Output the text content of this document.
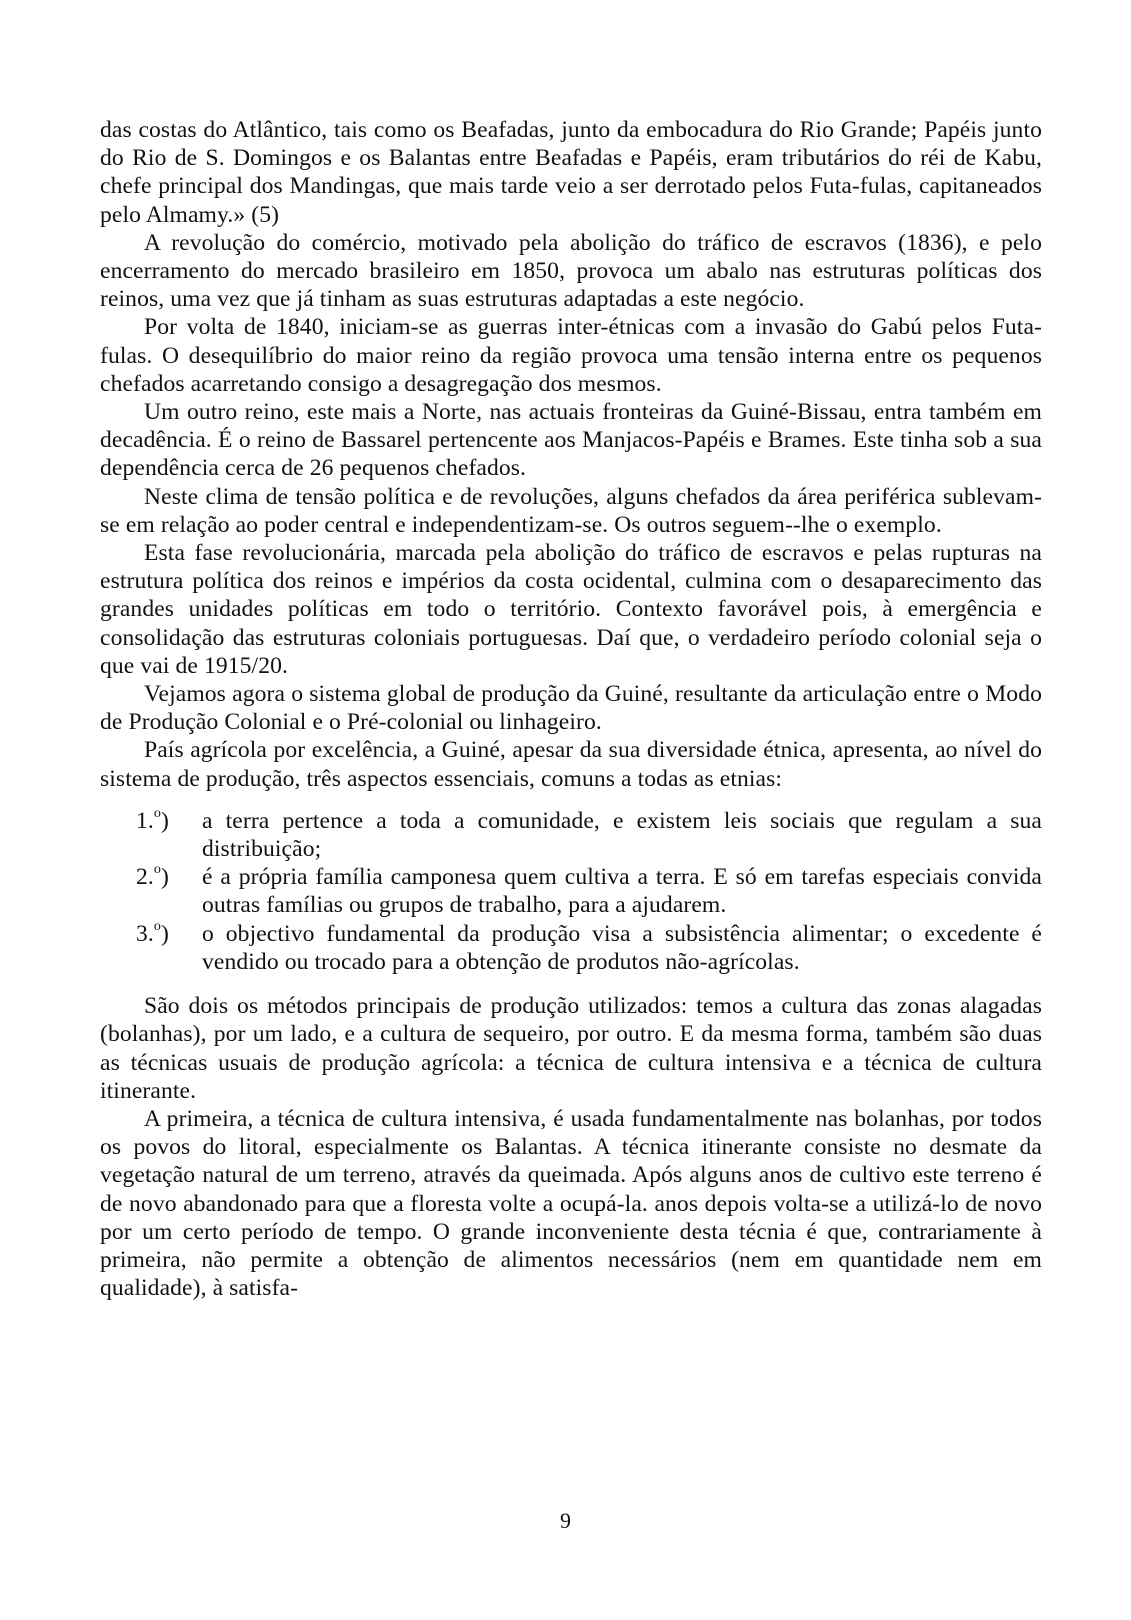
das costas do Atlântico, tais como os Beafadas, junto da embocadura do Rio Grande; Papéis junto do Rio de S. Domingos e os Balantas entre Beafadas e Papéis, eram tributários do réi de Kabu, chefe principal dos Mandingas, que mais tarde veio a ser derrotado pelos Futa-fulas, capitaneados pelo Almamy.» (5)

A revolução do comércio, motivado pela abolição do tráfico de escravos (1836), e pelo encerramento do mercado brasileiro em 1850, provoca um abalo nas estruturas políticas dos reinos, uma vez que já tinham as suas estruturas adaptadas a este negócio.

Por volta de 1840, iniciam-se as guerras inter-étnicas com a invasão do Gabú pelos Futa-fulas. O desequilíbrio do maior reino da região provoca uma tensão interna entre os pequenos chefados acarretando consigo a desagregação dos mesmos.

Um outro reino, este mais a Norte, nas actuais fronteiras da Guiné-Bissau, entra também em decadência. É o reino de Bassarel pertencente aos Manjacos-Papéis e Brames. Este tinha sob a sua dependência cerca de 26 pequenos chefados.

Neste clima de tensão política e de revoluções, alguns chefados da área periférica sublevam-se em relação ao poder central e independentizam-se. Os outros seguem--lhe o exemplo.

Esta fase revolucionária, marcada pela abolição do tráfico de escravos e pelas rupturas na estrutura política dos reinos e impérios da costa ocidental, culmina com o desaparecimento das grandes unidades políticas em todo o território. Contexto favorável pois, à emergência e consolidação das estruturas coloniais portuguesas. Daí que, o verdadeiro período colonial seja o que vai de 1915/20.

Vejamos agora o sistema global de produção da Guiné, resultante da articulação entre o Modo de Produção Colonial e o Pré-colonial ou linhageiro.

País agrícola por excelência, a Guiné, apesar da sua diversidade étnica, apresenta, ao nível do sistema de produção, três aspectos essenciais, comuns a todas as etnias:

1.$^o$)	a terra pertence a toda a comunidade, e existem leis sociais que regulam a sua distribuição;
2.$^o$)	é a própria família camponesa quem cultiva a terra. E só em tarefas especiais convida outras famílias ou grupos de trabalho, para a ajudarem.
3.$^o$)	o objectivo fundamental da produção visa a subsistência alimentar; o excedente é vendido ou trocado para a obtenção de produtos não-agrícolas.

São dois os métodos principais de produção utilizados: temos a cultura das zonas alagadas (bolanhas), por um lado, e a cultura de sequeiro, por outro. E da mesma forma, também são duas as técnicas usuais de produção agrícola: a técnica de cultura intensiva e a técnica de cultura itinerante.

A primeira, a técnica de cultura intensiva, é usada fundamentalmente nas bolanhas, por todos os povos do litoral, especialmente os Balantas. A técnica itinerante consiste no desmate da vegetação natural de um terreno, através da queimada. Após alguns anos de cultivo este terreno é de novo abandonado para que a floresta volte a ocupá-la. anos depois volta-se a utilizá-lo de novo por um certo período de tempo. O grande inconveniente desta técnia é que, contrariamente à primeira, não permite a obtenção de alimentos necessários (nem em quantidade nem em qualidade), à satisfa-

9
